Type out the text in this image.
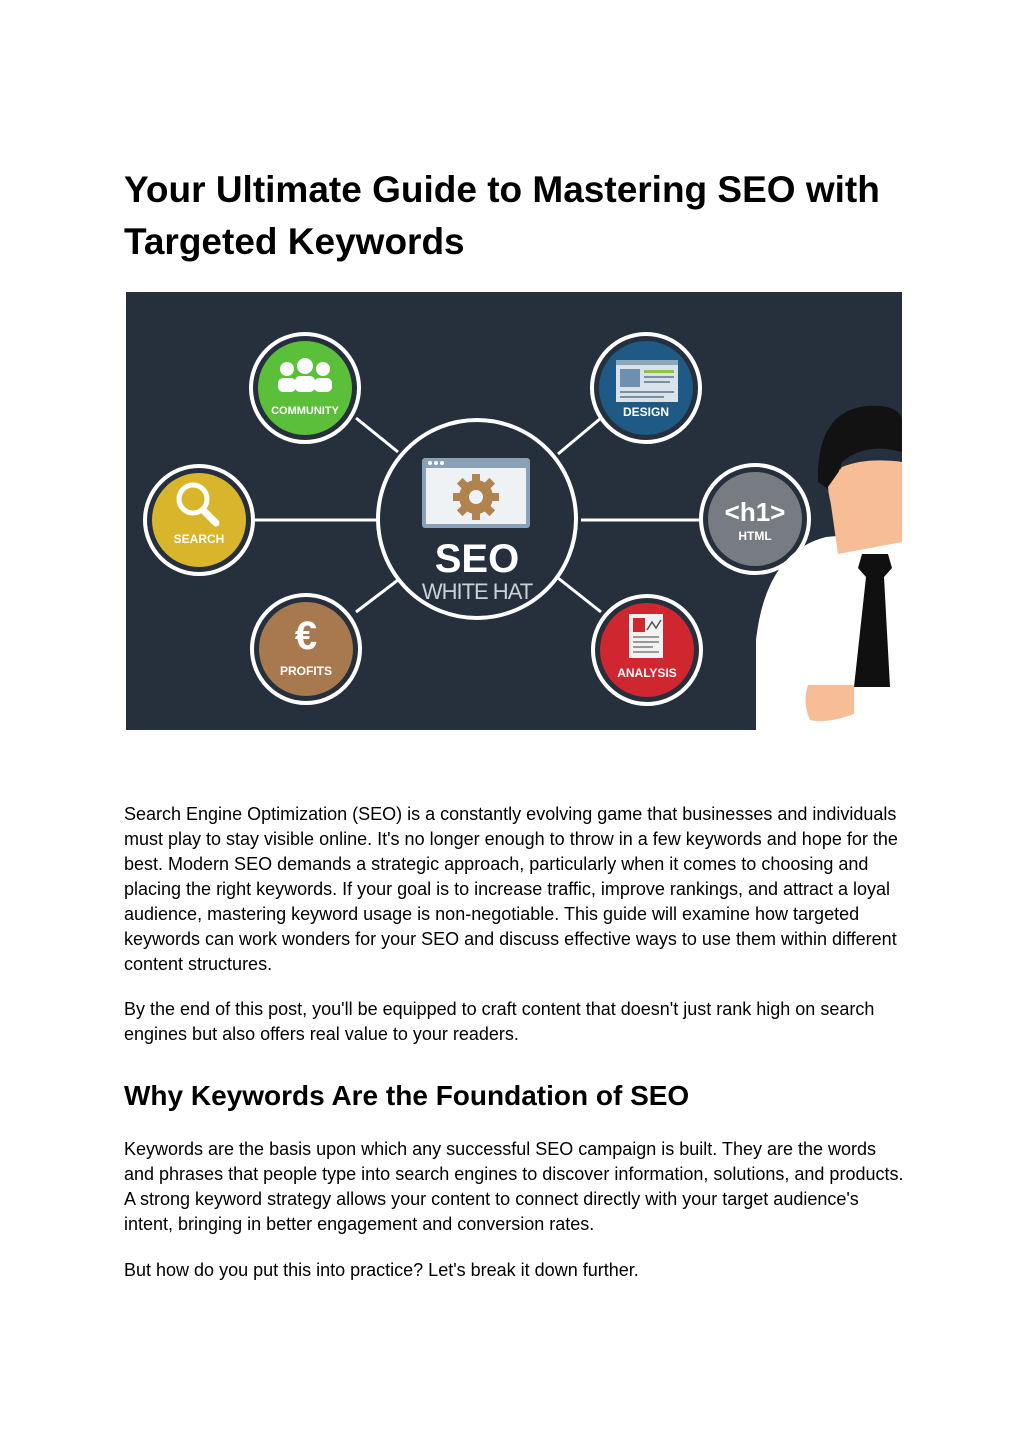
Your Ultimate Guide to Mastering SEO with Targeted Keywords
SEO
WHITE HAT
COMMUNITY
SEARCH
€
PROFITS
DESIGN
<h1>
HTML
ANALYSIS

Search Engine Optimization (SEO) is a constantly evolving game that businesses and individuals must play to stay visible online. It's no longer enough to throw in a few keywords and hope for the best. Modern SEO demands a strategic approach, particularly when it comes to choosing and placing the right keywords. If your goal is to increase traffic, improve rankings, and attract a loyal audience, mastering keyword usage is non-negotiable. This guide will examine how targeted keywords can work wonders for your SEO and discuss effective ways to use them within different content structures.

By the end of this post, you'll be equipped to craft content that doesn't just rank high on search engines but also offers real value to your readers.

Why Keywords Are the Foundation of SEO

Keywords are the basis upon which any successful SEO campaign is built. They are the words and phrases that people type into search engines to discover information, solutions, and products. A strong keyword strategy allows your content to connect directly with your target audience's intent, bringing in better engagement and conversion rates.

But how do you put this into practice? Let's break it down further.
